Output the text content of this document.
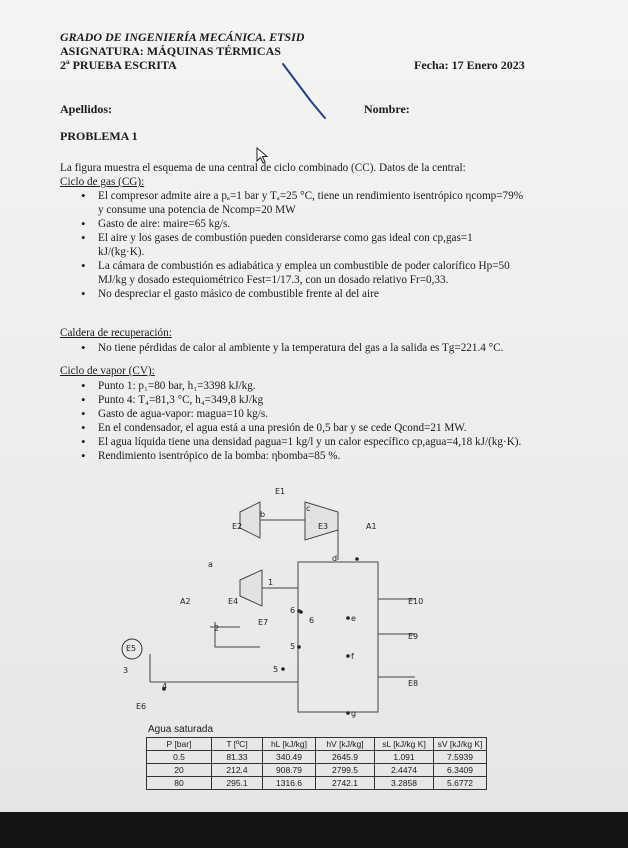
GRADO DE INGENIERÍA MECÁNICA. ETSID
ASIGNATURA: MÁQUINAS TÉRMICAS
2ª PRUEBA ESCRITA	Fecha: 17 Enero 2023
Apellidos:	Nombre:
PROBLEMA 1
La figura muestra el esquema de una central de ciclo combinado (CC). Datos de la central:
Ciclo de gas (CG):
• El compresor admite aire a pₐ=1 bar y Tₐ=25 °C, tiene un rendimiento isentrópico ηcomp=79%
y consume una potencia de Ncomp=20 MW
• Gasto de aire: maire=65 kg/s.
• El aire y los gases de combustión pueden considerarse como gas ideal con cp,gas=1
kJ/(kg·K).
• La cámara de combustión es adiabática y emplea un combustible de poder calorífico Hp=50
MJ/kg y dosado estequiométrico Fest=1/17.3, con un dosado relativo Fr=0,33.
• No despreciar el gasto másico de combustible frente al del aire
Caldera de recuperación:
• No tiene pérdidas de calor al ambiente y la temperatura del gas a la salida es Tg=221.4 °C.
Ciclo de vapor (CV):
• Punto 1: p₁=80 bar, h₁=3398 kJ/kg.
• Punto 4: T₄=81,3 °C, h₄=349,8 kJ/kg
• Gasto de agua-vapor: magua=10 kg/s.
• En el condensador, el agua está a una presión de 0,5 bar y se cede Qcond=21 MW.
• El agua líquida tiene una densidad ρagua=1 kg/l y un calor específico cp,agua=4,18 kJ/(kg·K).
• Rendimiento isentrópico de la bomba: ηbomba=85 %.
E1
E2	E3	A1
A2	E4
E5
E6
E7
E8
E9
E10
a
b
c
d
e
f
g
1
2
3
4
5
5
6
6
Agua saturada
P [bar]	T [ºC]	hL [kJ/kg]	hV [kJ/kg]	sL [kJ/kg K]	sV [kJ/kg K]
0.5	81.33	340.49	2645.9	1.091	7.5939
20	212.4	908.79	2799.5	2.4474	6.3409
80	295.1	1316.6	2742.1	3.2858	5.6772
